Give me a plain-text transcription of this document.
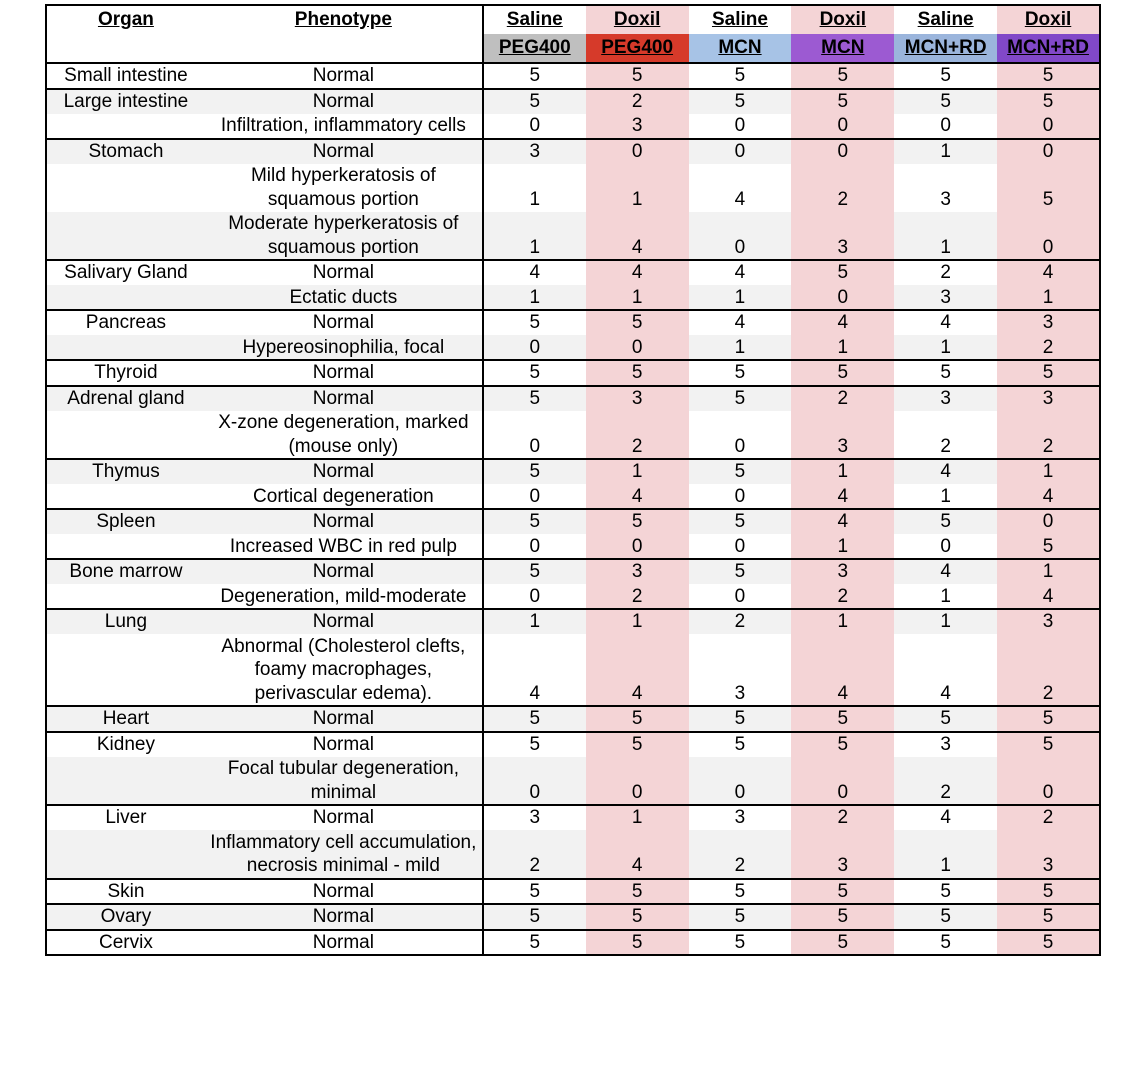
Organ	Phenotype	Saline	Doxil	Saline	Doxil	Saline	Doxil
		PEG400	PEG400	MCN	MCN	MCN+RD	MCN+RD
Small intestine	Normal	5	5	5	5	5	5
Large intestine	Normal	5	2	5	5	5	5
	Infiltration, inflammatory cells	0	3	0	0	0	0
Stomach	Normal	3	0	0	0	1	0
	Mild hyperkeratosis of squamous portion	1	1	4	2	3	5
	Moderate hyperkeratosis of squamous portion	1	4	0	3	1	0
Salivary Gland	Normal	4	4	4	5	2	4
	Ectatic ducts	1	1	1	0	3	1
Pancreas	Normal	5	5	4	4	4	3
	Hypereosinophilia, focal	0	0	1	1	1	2
Thyroid	Normal	5	5	5	5	5	5
Adrenal gland	Normal	5	3	5	2	3	3
	X-zone degeneration, marked (mouse only)	0	2	0	3	2	2
Thymus	Normal	5	1	5	1	4	1
	Cortical degeneration	0	4	0	4	1	4
Spleen	Normal	5	5	5	4	5	0
	Increased WBC in red pulp	0	0	0	1	0	5
Bone marrow	Normal	5	3	5	3	4	1
	Degeneration, mild-moderate	0	2	0	2	1	4
Lung	Normal	1	1	2	1	1	3
	Abnormal (Cholesterol clefts, foamy macrophages, perivascular edema).	4	4	3	4	4	2
Heart	Normal	5	5	5	5	5	5
Kidney	Normal	5	5	5	5	3	5
	Focal tubular degeneration, minimal	0	0	0	0	2	0
Liver	Normal	3	1	3	2	4	2
	Inflammatory cell accumulation, necrosis minimal - mild	2	4	2	3	1	3
Skin	Normal	5	5	5	5	5	5
Ovary	Normal	5	5	5	5	5	5
Cervix	Normal	5	5	5	5	5	5
